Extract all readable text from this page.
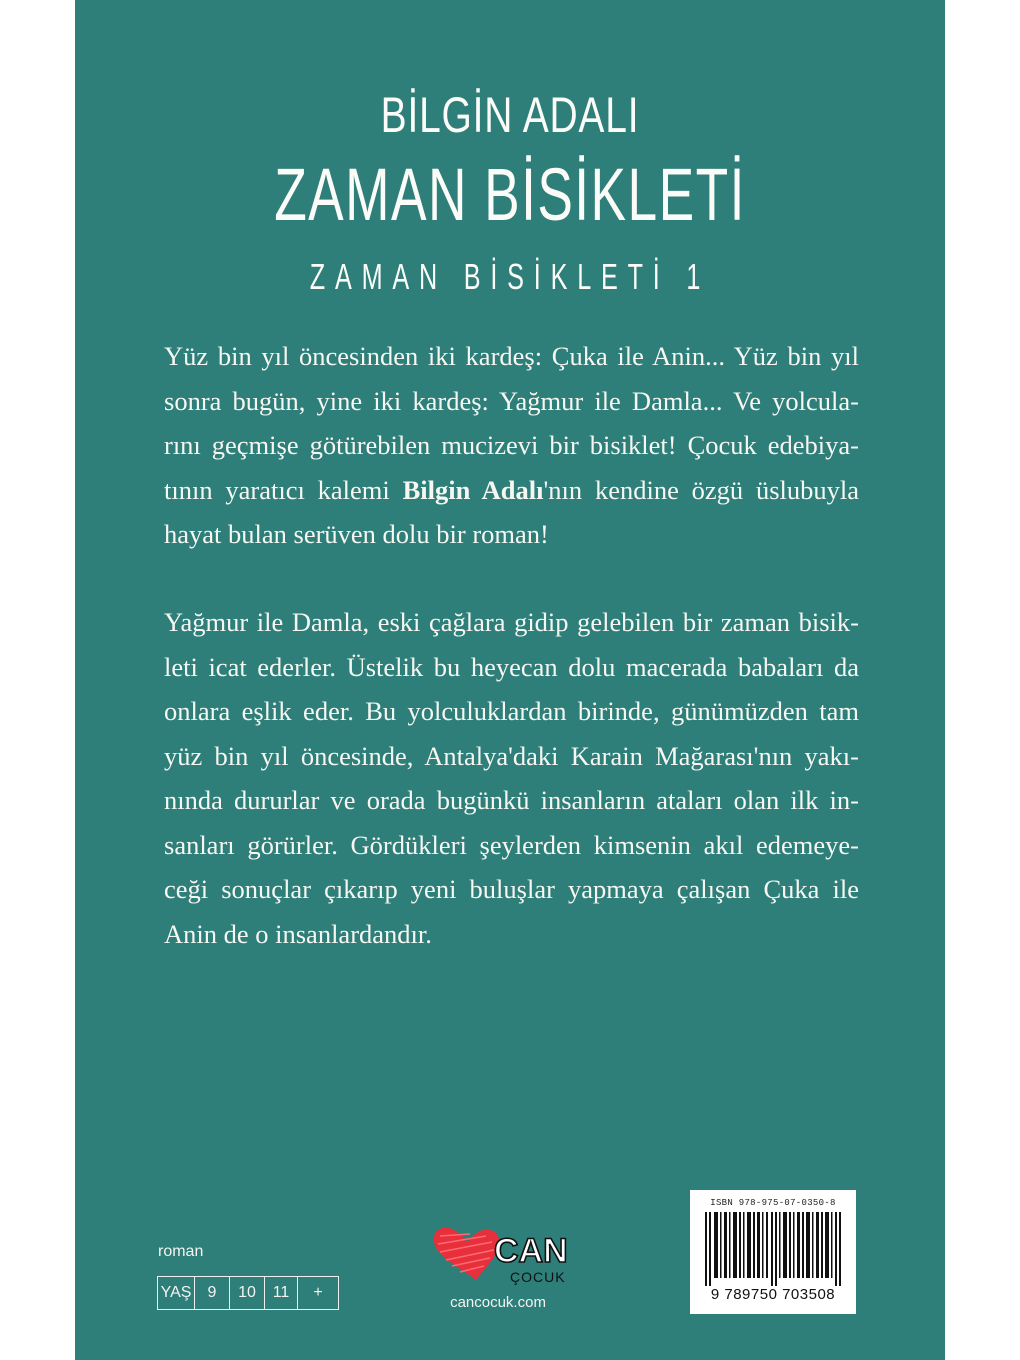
BİLGİN ADALI
ZAMAN BİSİKLETİ
ZAMAN BİSİKLETİ 1
Yüz bin yıl öncesinden iki kardeş: Çuka ile Anin... Yüz bin yıl
sonra bugün, yine iki kardeş: Yağmur ile Damla... Ve yolcula-
rını geçmişe götürebilen mucizevi bir bisiklet! Çocuk edebiya-
tının yaratıcı kalemi Bilgin Adalı'nın kendine özgü üslubuyla
hayat bulan serüven dolu bir roman!
Yağmur ile Damla, eski çağlara gidip gelebilen bir zaman bisik-
leti icat ederler. Üstelik bu heyecan dolu macerada babaları da
onlara eşlik eder. Bu yolculuklardan birinde, günümüzden tam
yüz bin yıl öncesinde, Antalya'daki Karain Mağarası'nın yakı-
nında dururlar ve orada bugünkü insanların ataları olan ilk in-
sanları görürler. Gördükleri şeylerden kimsenin akıl edemeye-
ceği sonuçlar çıkarıp yeni buluşlar yapmaya çalışan Çuka ile
Anin de o insanlardandır.
roman
YAŞ	9	10	11	+
CAN
ÇOCUK
cancocuk.com
ISBN 978-975-07-0350-8
9 789750 703508
